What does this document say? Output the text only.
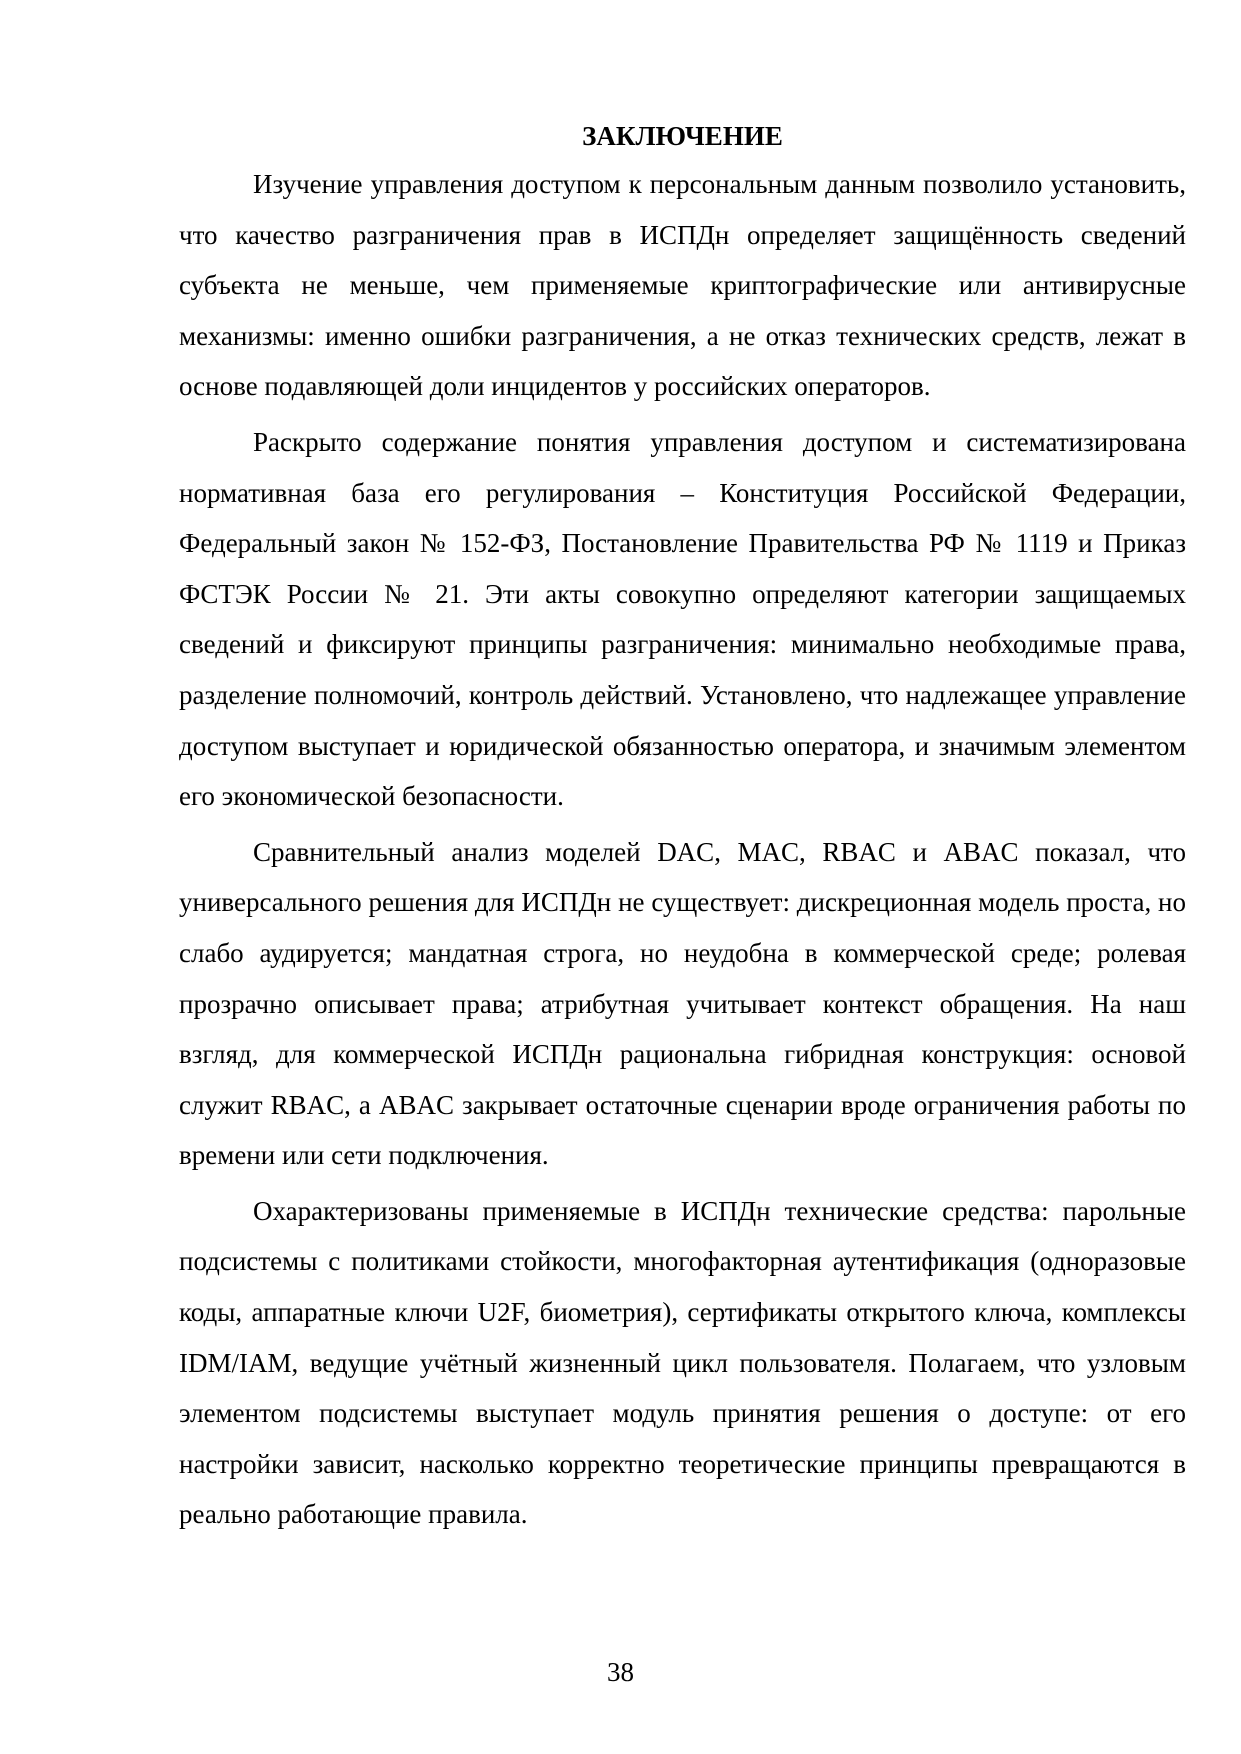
ЗАКЛЮЧЕНИЕ

Изучение управления доступом к персональным данным позволило установить, что качество разграничения прав в ИСПДн определяет защищённость сведений субъекта не меньше, чем применяемые криптографические или антивирусные механизмы: именно ошибки разграничения, а не отказ технических средств, лежат в основе подавляющей доли инцидентов у российских операторов.

Раскрыто содержание понятия управления доступом и систематизирована нормативная база его регулирования – Конституция Российской Федерации, Федеральный закон № 152-ФЗ, Постановление Правительства РФ № 1119 и Приказ ФСТЭК России № 21. Эти акты совокупно определяют категории защищаемых сведений и фиксируют принципы разграничения: минимально необходимые права, разделение полномочий, контроль действий. Установлено, что надлежащее управление доступом выступает и юридической обязанностью оператора, и значимым элементом его экономической безопасности.

Сравнительный анализ моделей DAC, MAC, RBAC и ABAC показал, что универсального решения для ИСПДн не существует: дискреционная модель проста, но слабо аудируется; мандатная строга, но неудобна в коммерческой среде; ролевая прозрачно описывает права; атрибутная учитывает контекст обращения. На наш взгляд, для коммерческой ИСПДн рациональна гибридная конструкция: основой служит RBAC, а ABAC закрывает остаточные сценарии вроде ограничения работы по времени или сети подключения.

Охарактеризованы применяемые в ИСПДн технические средства: парольные подсистемы с политиками стойкости, многофакторная аутентификация (одноразовые коды, аппаратные ключи U2F, биометрия), сертификаты открытого ключа, комплексы IDM/IAM, ведущие учётный жизненный цикл пользователя. Полагаем, что узловым элементом подсистемы выступает модуль принятия решения о доступе: от его настройки зависит, насколько корректно теоретические принципы превращаются в реально работающие правила.

38
